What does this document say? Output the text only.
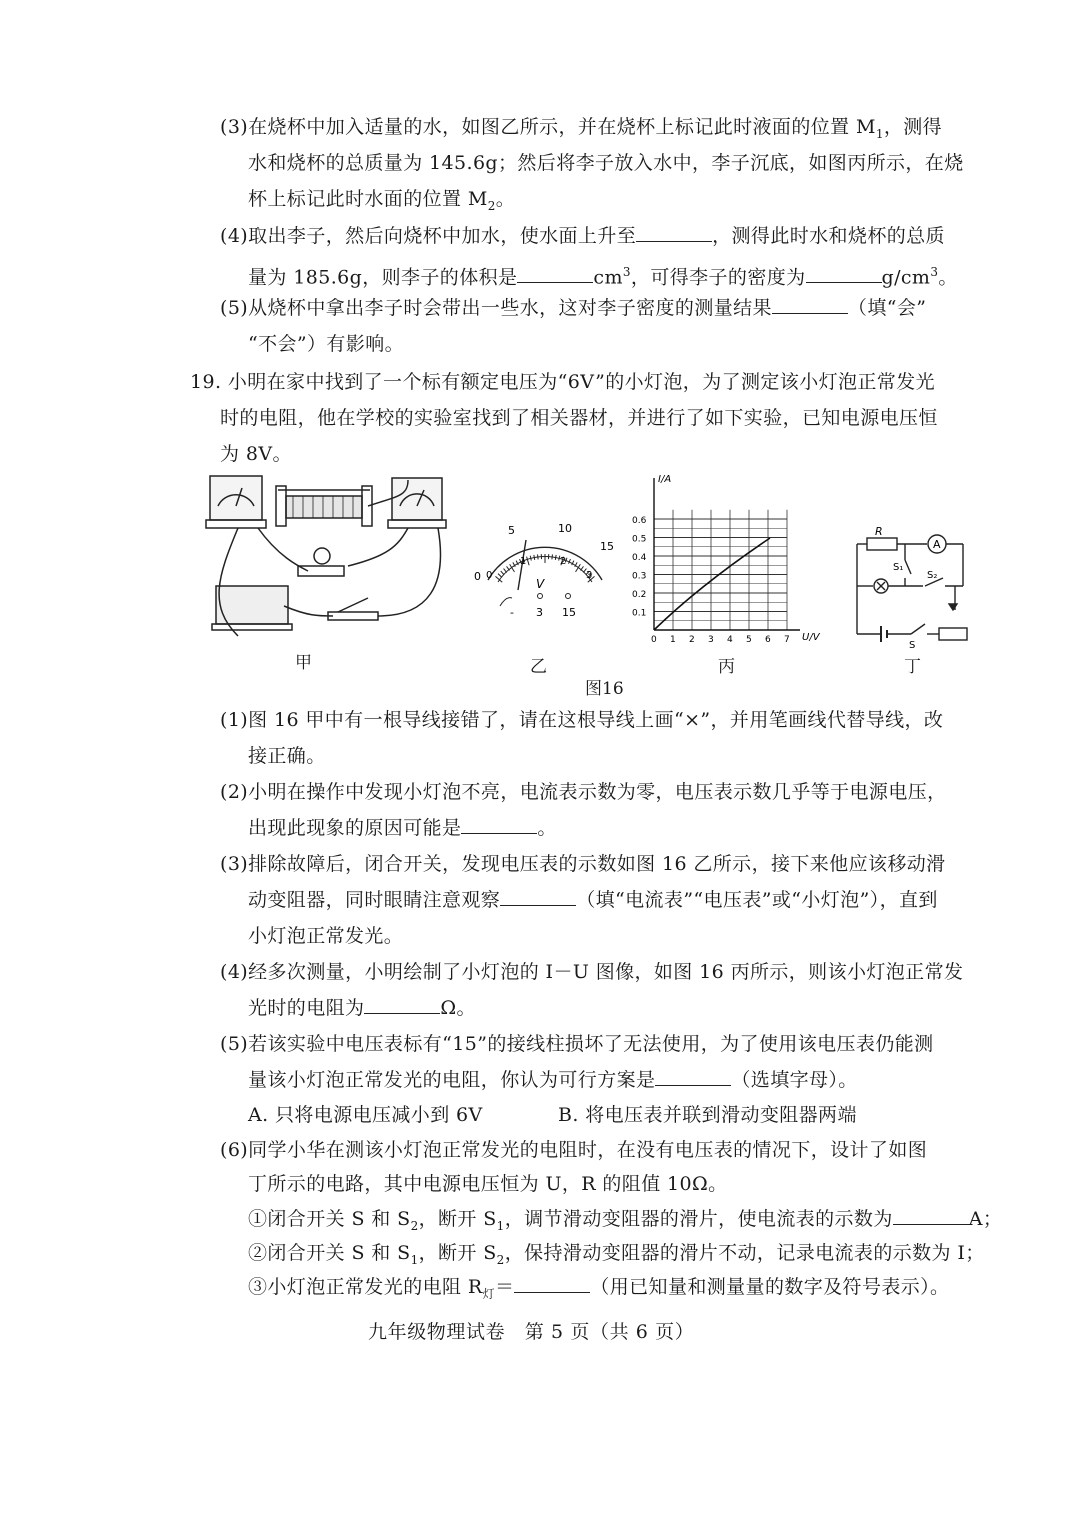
(3)在烧杯中加入适量的水，如图乙所示，并在烧杯上标记此时液面的位置 $M_1$，测得
水和烧杯的总质量为 145.6g；然后将李子放入水中，李子沉底，如图丙所示，在烧
杯上标记此时水面的位置 $M_2$。
(4)取出李子，然后向烧杯中加水，使水面上升至	，测得此时水和烧杯的总质
量为 185.6g，则李子的体积是	$cm^3$，可得李子的密度为	$g/cm^3$。
(5)从烧杯中拿出李子时会带出一些水，这对李子密度的测量结果	（填“会”
“不会”）有影响。
19. 小明在家中找到了一个标有额定电压为“6V”的小灯泡，为了测定该小灯泡正常发光
时的电阻，他在学校的实验室找到了相关器材，并进行了如下实验，已知电源电压恒
为 8V。
甲
5	10
15
0 0
1	2
3
V
- 3 15
乙
I/A
U/V
0.1
0.2
0.3
0.4
0.5
0.6
0 1 2 3 4 5 6 7
丙
R
A
S₁
S₂
S
丁
图16
(1)图 16 甲中有一根导线接错了，请在这根导线上画“×”，并用笔画线代替导线，改
接正确。
(2)小明在操作中发现小灯泡不亮，电流表示数为零，电压表示数几乎等于电源电压，
出现此现象的原因可能是	。
(3)排除故障后，闭合开关，发现电压表的示数如图 16 乙所示，接下来他应该移动滑
动变阻器，同时眼睛注意观察	（填“电流表”“电压表”或“小灯泡”），直到
小灯泡正常发光。
(4)经多次测量，小明绘制了小灯泡的 I－U 图像，如图 16 丙所示，则该小灯泡正常发
光时的电阻为	Ω。
(5)若该实验中电压表标有“15”的接线柱损坏了无法使用，为了使用该电压表仍能测
量该小灯泡正常发光的电阻，你认为可行方案是	（选填字母）。
A. 只将电源电压减小到 6V	B. 将电压表并联到滑动变阻器两端
(6)同学小华在测该小灯泡正常发光的电阻时，在没有电压表的情况下，设计了如图
丁所示的电路，其中电源电压恒为 U，R 的阻值 10Ω。
①闭合开关 S 和 $S_2$，断开 $S_1$，调节滑动变阻器的滑片，使电流表的示数为	A；
②闭合开关 S 和 $S_1$，断开 $S_2$，保持滑动变阻器的滑片不动，记录电流表的示数为 I；
③小灯泡正常发光的电阻 $R_灯=$	（用已知量和测量量的数字及符号表示）。
九年级物理试卷　第 5 页（共 6 页）
